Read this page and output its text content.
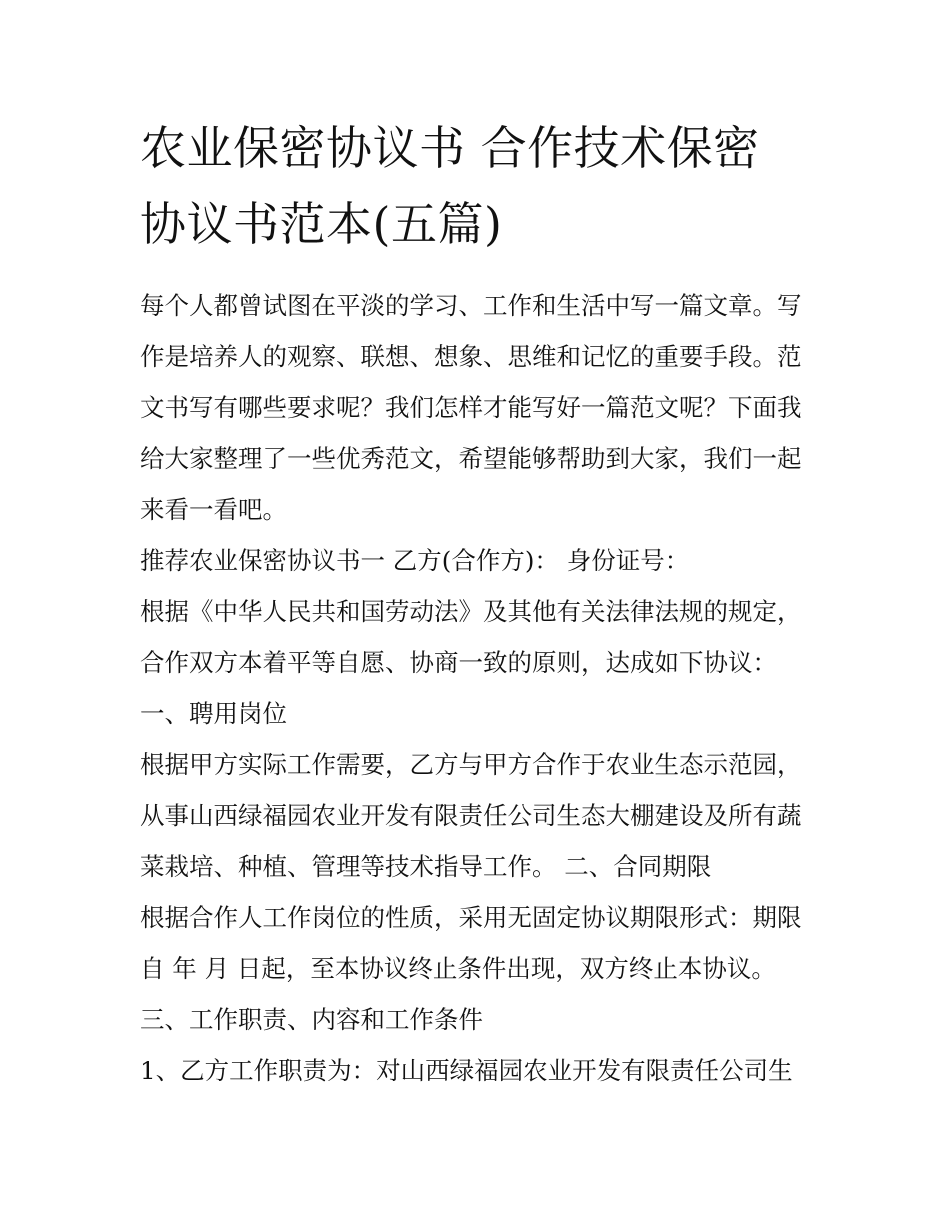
农业保密协议书 合作技术保密
协议书范本(五篇)
每个人都曾试图在平淡的学习、工作和生活中写一篇文章。写
作是培养人的观察、联想、想象、思维和记忆的重要手段。范
文书写有哪些要求呢？我们怎样才能写好一篇范文呢？下面我
给大家整理了一些优秀范文，希望能够帮助到大家，我们一起
来看一看吧。
推荐农业保密协议书一 乙方(合作方)： 身份证号：
根据《中华人民共和国劳动法》及其他有关法律法规的规定，
合作双方本着平等自愿、协商一致的原则，达成如下协议：
一、聘用岗位
根据甲方实际工作需要，乙方与甲方合作于农业生态示范园，
从事山西绿福园农业开发有限责任公司生态大棚建设及所有蔬
菜栽培、种植、管理等技术指导工作。 二、合同期限
根据合作人工作岗位的性质，采用无固定协议期限形式：期限
自 年 月 日起，至本协议终止条件出现，双方终止本协议。
三、工作职责、内容和工作条件
1、乙方工作职责为：对山西绿福园农业开发有限责任公司生
